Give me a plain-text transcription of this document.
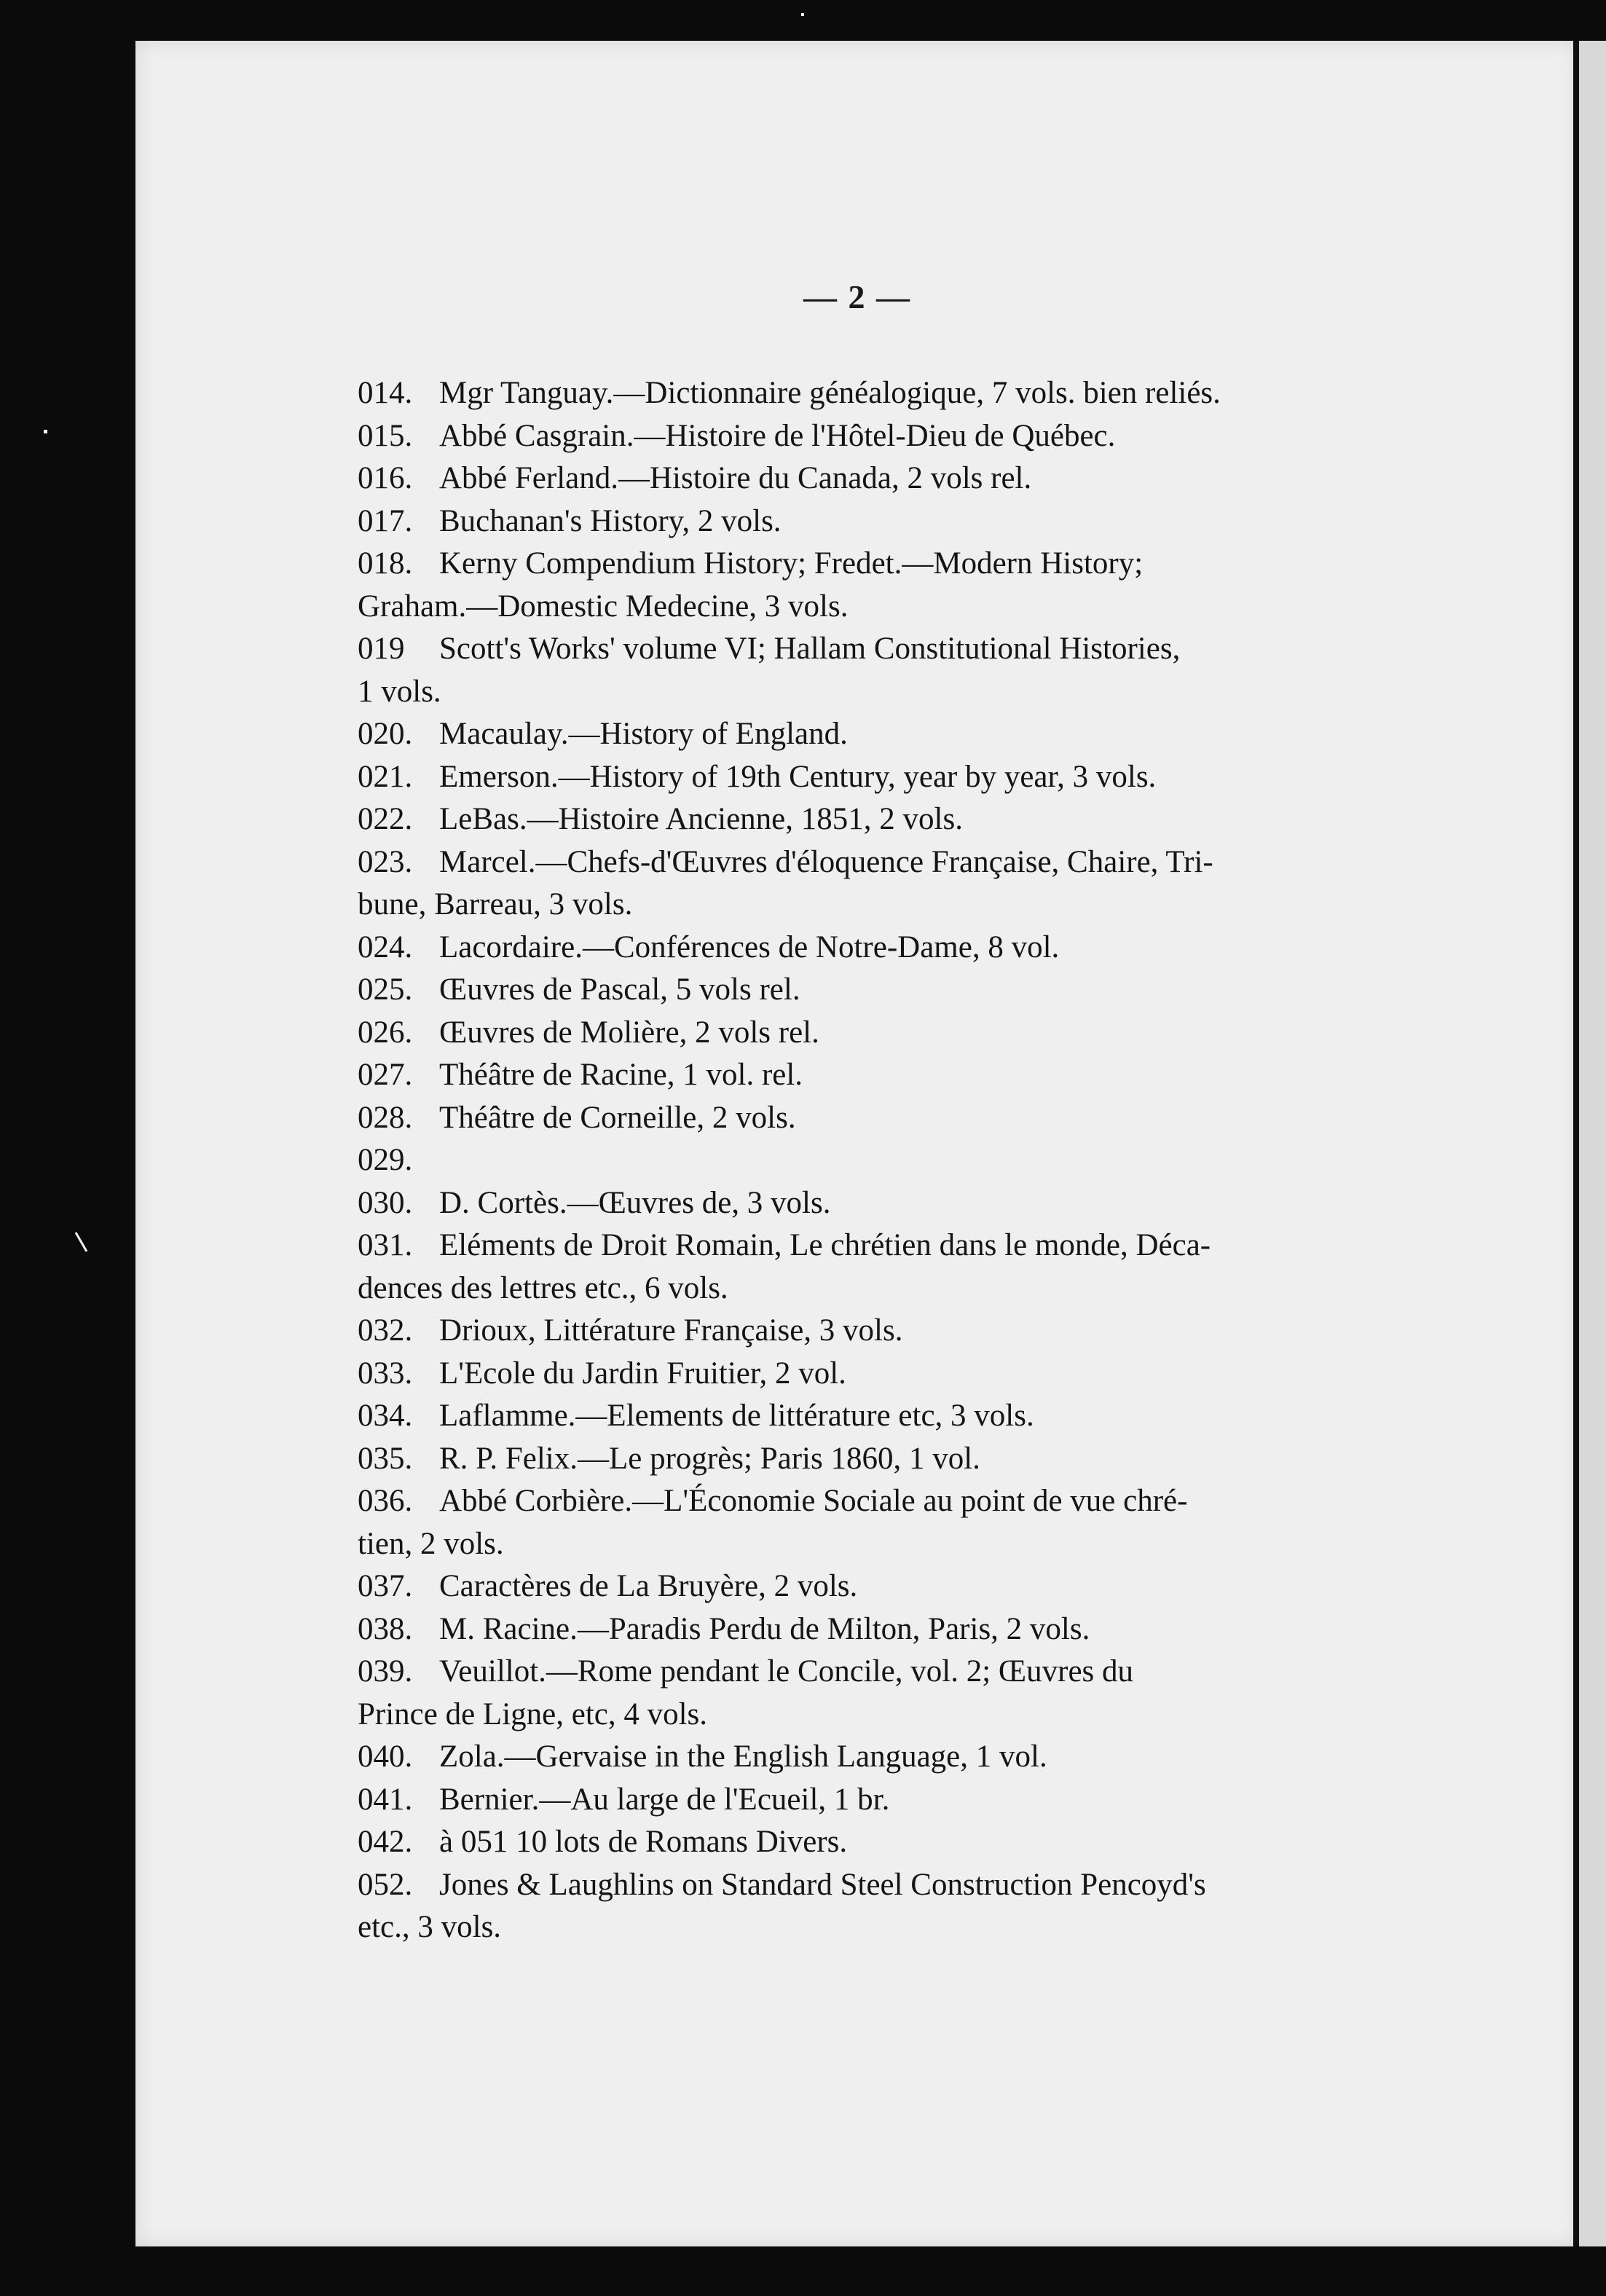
— 2 —
014. Mgr Tanguay.—Dictionnaire généalogique, 7 vols. bien reliés.
015. Abbé Casgrain.—Histoire de l'Hôtel-Dieu de Québec.
016. Abbé Ferland.—Histoire du Canada, 2 vols rel.
017. Buchanan's History, 2 vols.
018. Kerny Compendium History; Fredet.—Modern History;
Graham.—Domestic Medecine, 3 vols.
019	Scott's Works' volume VI; Hallam Constitutional Histories,
1 vols.
020. Macaulay.—History of England.
021. Emerson.—History of 19th Century, year by year, 3 vols.
022. LeBas.—Histoire Ancienne, 1851, 2 vols.
023. Marcel.—Chefs-d'Œuvres d'éloquence Française, Chaire, Tri-
bune, Barreau, 3 vols.
024. Lacordaire.—Conférences de Notre-Dame, 8 vol.
025. Œuvres de Pascal, 5 vols rel.
026. Œuvres de Molière, 2 vols rel.
027. Théâtre de Racine, 1 vol. rel.
028. Théâtre de Corneille, 2 vols.
029.

030. D. Cortès.—Œuvres de, 3 vols.
031. Eléments de Droit Romain, Le chrétien dans le monde, Déca-
dences des lettres etc., 6 vols.
032. Drioux, Littérature Française, 3 vols.
033. L'Ecole du Jardin Fruitier, 2 vol.
034. Laflamme.—Elements de littérature etc, 3 vols.
035. R. P. Felix.—Le progrès; Paris 1860, 1 vol.
036. Abbé Corbière.—L'Économie Sociale au point de vue chré-
tien, 2 vols.
037. Caractères de La Bruyère, 2 vols.
038. M. Racine.—Paradis Perdu de Milton, Paris, 2 vols.
039. Veuillot.—Rome pendant le Concile, vol. 2; Œuvres du
Prince de Ligne, etc, 4 vols.
040. Zola.—Gervaise in the English Language, 1 vol.
041. Bernier.—Au large de l'Ecueil, 1 br.
042. à 051 10 lots de Romans Divers.
052. Jones & Laughlins on Standard Steel Construction Pencoyd's
etc., 3 vols.
